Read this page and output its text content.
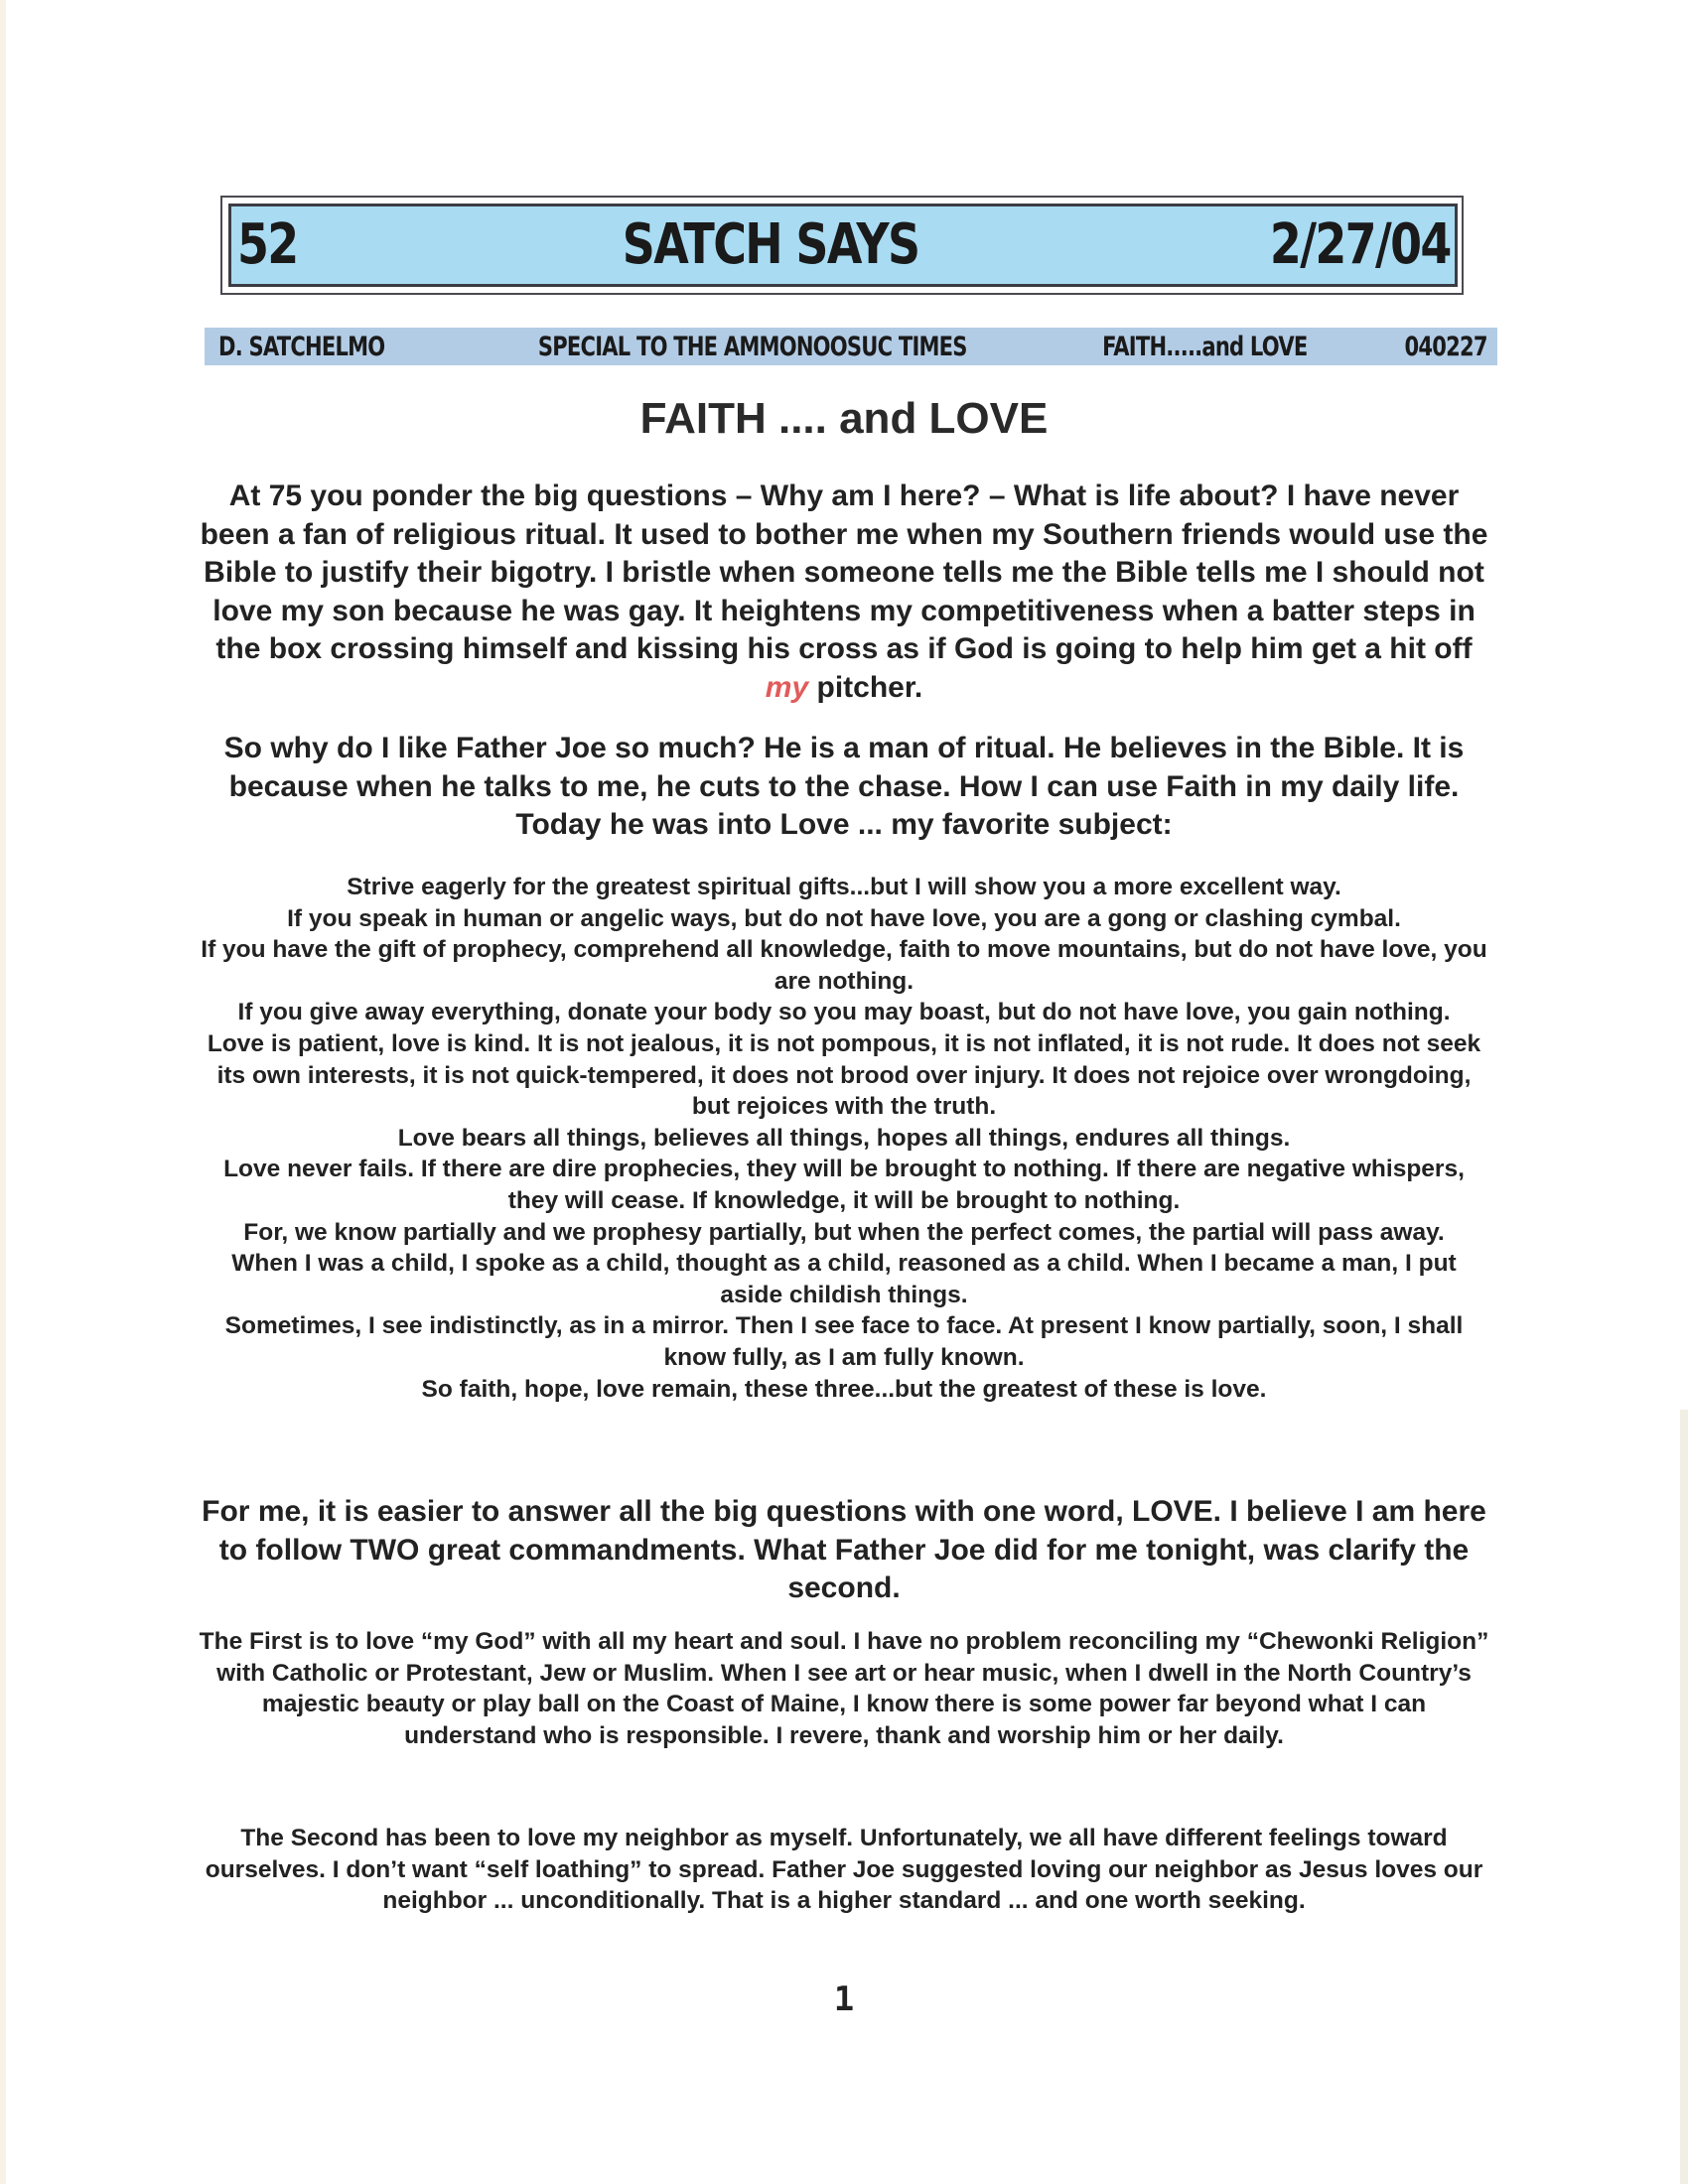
52	SATCH SAYS	2/27/04
D. SATCHELMO	SPECIAL TO THE AMMONOOSUC TIMES	FAITH.....and LOVE	040227
FAITH .... and LOVE

At 75 you ponder the big questions – Why am I here? – What is life about? I have never been a fan of religious ritual. It used to bother me when my Southern friends would use the Bible to justify their bigotry. I bristle when someone tells me the Bible tells me I should not love my son because he was gay. It heightens my competitiveness when a batter steps in the box crossing himself and kissing his cross as if God is going to help him get a hit off my pitcher.

So why do I like Father Joe so much? He is a man of ritual. He believes in the Bible. It is because when he talks to me, he cuts to the chase. How I can use Faith in my daily life. Today he was into Love ... my favorite subject:

Strive eagerly for the greatest spiritual gifts...but I will show you a more excellent way.
If you speak in human or angelic ways, but do not have love, you are a gong or clashing cymbal.
If you have the gift of prophecy, comprehend all knowledge, faith to move mountains, but do not have love, you are nothing.
If you give away everything, donate your body so you may boast, but do not have love, you gain nothing.
Love is patient, love is kind. It is not jealous, it is not pompous, it is not inflated, it is not rude. It does not seek its own interests, it is not quick-tempered, it does not brood over injury. It does not rejoice over wrongdoing, but rejoices with the truth.
Love bears all things, believes all things, hopes all things, endures all things.
Love never fails. If there are dire prophecies, they will be brought to nothing. If there are negative whispers, they will cease. If knowledge, it will be brought to nothing.
For, we know partially and we prophesy partially, but when the perfect comes, the partial will pass away.
When I was a child, I spoke as a child, thought as a child, reasoned as a child. When I became a man, I put aside childish things.
Sometimes, I see indistinctly, as in a mirror. Then I see face to face. At present I know partially, soon, I shall know fully, as I am fully known.
So faith, hope, love remain, these three...but the greatest of these is love.

For me, it is easier to answer all the big questions with one word, LOVE. I believe I am here to follow TWO great commandments. What Father Joe did for me tonight, was clarify the second.

The First is to love “my God” with all my heart and soul. I have no problem reconciling my “Chewonki Religion” with Catholic or Protestant, Jew or Muslim. When I see art or hear music, when I dwell in the North Country’s majestic beauty or play ball on the Coast of Maine, I know there is some power far beyond what I can understand who is responsible. I revere, thank and worship him or her daily.

The Second has been to love my neighbor as myself. Unfortunately, we all have different feelings toward ourselves. I don’t want “self loathing” to spread. Father Joe suggested loving our neighbor as Jesus loves our neighbor ... unconditionally. That is a higher standard ... and one worth seeking.

1
